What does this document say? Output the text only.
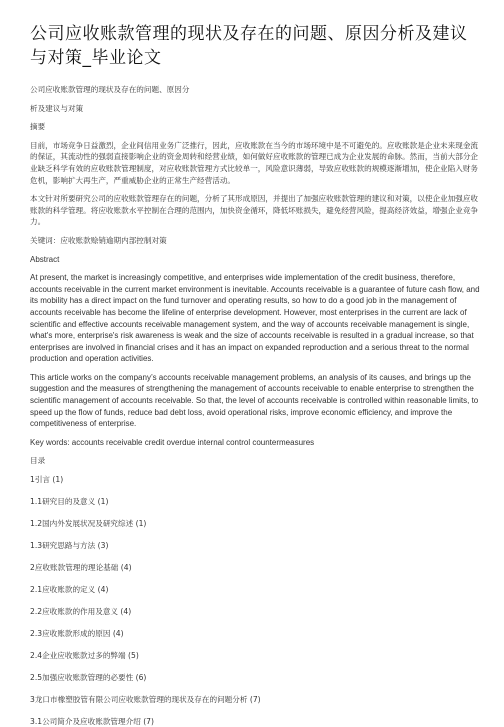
公司应收账款管理的现状及存在的问题、原因分析及建议与对策_毕业论文

公司应收账款管理的现状及存在的问题、原因分

析及建议与对策

摘要

目前，市场竞争日益激烈，企业间信用业务广泛推行，因此，应收账款在当今的市场环境中是不可避免的。应收账款是企业未来现金流的保证，其流动性的强弱直接影响企业的资金周转和经营业绩，如何做好应收账款的管理已成为企业发展的命脉。然而，当前大部分企业缺乏科学有效的应收账款管理制度，对应收账款管理方式比较单一，风险意识薄弱，导致应收账款的规模逐渐增加，使企业陷入财务危机，影响扩大再生产，严重威胁企业的正常生产经营活动。

本文针对所要研究公司的应收账款管理存在的问题，分析了其形成原因，并提出了加强应收账款管理的建议和对策，以使企业加强应收账款的科学管理。将应收账款水平控制在合理的范围内，加快资金循环，降低坏账损失，避免经营风险，提高经济效益，增强企业竞争力。

关键词：应收账款赊销逾期内部控制对策

Abstract

At present, the market is increasingly competitive, and enterprises wide implementation of the credit business, therefore, accounts receivable in the current market environment is inevitable. Accounts receivable is a guarantee of future cash flow, and its mobility has a direct impact on the fund turnover and operating results, so how to do a good job in the management of accounts receivable has become the lifeline of enterprise development. However, most enterprises in the current are lack of scientific and effective accounts receivable management system, and the way of accounts receivable management is single, what's more, enterprise's risk awareness is weak and the size of accounts receivable is resulted in a gradual increase, so that enterprises are involved in financial crises and it has an impact on expanded reproduction and a serious threat to the normal production and operation activities.

This article works on the company’s accounts receivable management problems, an analysis of its causes, and brings up the suggestion and the measures of strengthening the management of accounts receivable to enable enterprise to strengthen the scientific management of accounts receivable. So that, the level of accounts receivable is controlled within reasonable limits, to speed up the flow of funds, reduce bad debt loss, avoid operational risks, improve economic efficiency, and improve the competitiveness of enterprise.

Key words: accounts receivable credit overdue internal control countermeasures

目录

1引言 (1)
1.1研究目的及意义 (1)
1.2国内外发展状况及研究综述 (1)
1.3研究思路与方法 (3)
2应收账款管理的理论基础 (4)
2.1应收账款的定义 (4)
2.2应收账款的作用及意义 (4)
2.3应收账款形成的原因 (4)
2.4企业应收账款过多的弊端 (5)
2.5加强应收账款管理的必要性 (6)
3龙口市橡塑胶管有限公司应收账款管理的现状及存在的问题分析 (7)
3.1公司简介及应收账款管理介绍 (7)
